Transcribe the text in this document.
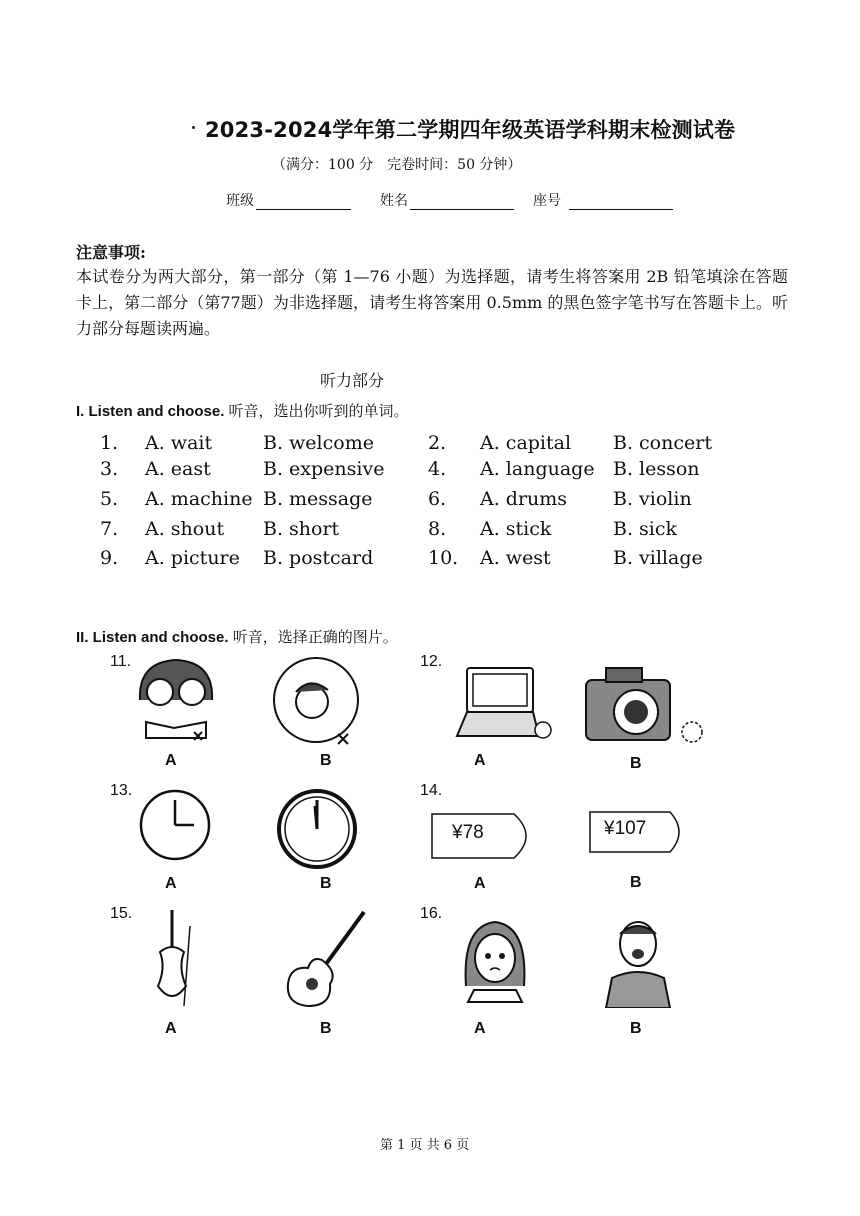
2023-2024学年第二学期四年级英语学科期末检测试卷
（满分：100 分　完卷时间：50 分钟）
班级	姓名	座号
注意事项:
本试卷分为两大部分，第一部分（第 1—76 小题）为选择题，请考生将答案用 2B 铅笔填涂在答题卡上，第二部分（第77题）为非选择题，请考生将答案用 0.5mm 的黑色签字笔书写在答题卡上。听力部分每题读两遍。
听力部分
I. Listen and choose. 听音，选出你听到的单词。
1. A. wait	B. welcome	2. A. capital B. concert
3. A. east	B. expensive 4. A. language B. lesson
5. A. machine B. message	6. A. drums B. violin
7. A. shout B. short	8. A. stick	B. sick
9. A. picture B. postcard	10. A. west	B. village
II. Listen and choose. 听音，选择正确的图片。
11.
A	B
12.
A	B
13.
A	B
14.
¥78	¥107
A	B
15.
A	B
16.
A	B
第 1 页 共 6 页
